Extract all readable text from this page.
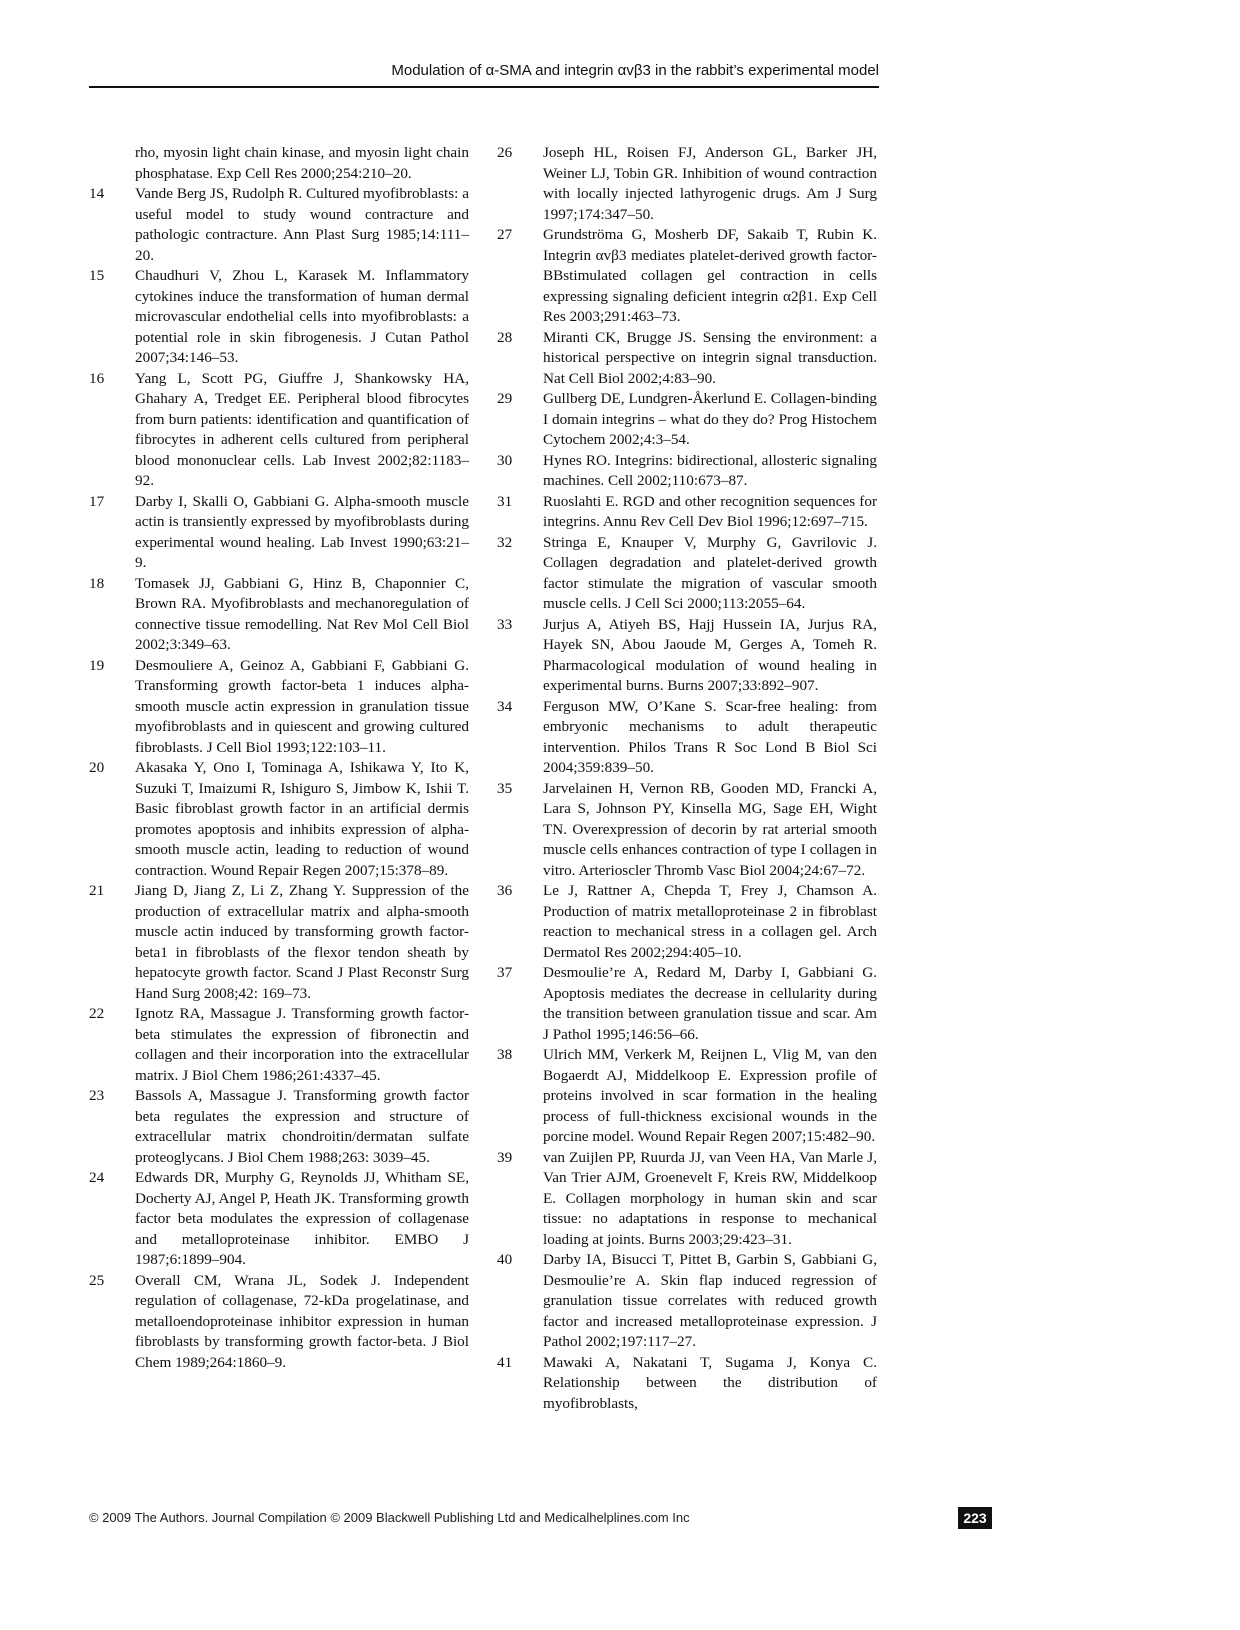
Modulation of α-SMA and integrin αvβ3 in the rabbit’s experimental model
rho, myosin light chain kinase, and myosin light chain phosphatase. Exp Cell Res 2000;254:210–20.
14	Vande Berg JS, Rudolph R. Cultured myofibroblasts: a useful model to study wound contracture and pathologic contracture. Ann Plast Surg 1985;14:111–20.
15	Chaudhuri V, Zhou L, Karasek M. Inflammatory cytokines induce the transformation of human dermal microvascular endothelial cells into myofibroblasts: a potential role in skin fibrogenesis. J Cutan Pathol 2007;34:146–53.
16	Yang L, Scott PG, Giuffre J, Shankowsky HA, Ghahary A, Tredget EE. Peripheral blood fibrocytes from burn patients: identification and quantification of fibrocytes in adherent cells cultured from peripheral blood mononuclear cells. Lab Invest 2002;82:1183–92.
17	Darby I, Skalli O, Gabbiani G. Alpha-smooth muscle actin is transiently expressed by myofibroblasts during experimental wound healing. Lab Invest 1990;63:21–9.
18	Tomasek JJ, Gabbiani G, Hinz B, Chaponnier C, Brown RA. Myofibroblasts and mechanoregulation of connective tissue remodelling. Nat Rev Mol Cell Biol 2002;3:349–63.
19	Desmouliere A, Geinoz A, Gabbiani F, Gabbiani G. Transforming growth factor-beta 1 induces alpha-smooth muscle actin expression in granulation tissue myofibroblasts and in quiescent and growing cultured fibroblasts. J Cell Biol 1993;122:103–11.
20	Akasaka Y, Ono I, Tominaga A, Ishikawa Y, Ito K, Suzuki T, Imaizumi R, Ishiguro S, Jimbow K, Ishii T. Basic fibroblast growth factor in an artificial dermis promotes apoptosis and inhibits expression of alpha-smooth muscle actin, leading to reduction of wound contraction. Wound Repair Regen 2007;15:378–89.
21	Jiang D, Jiang Z, Li Z, Zhang Y. Suppression of the production of extracellular matrix and alpha-smooth muscle actin induced by transforming growth factor-beta1 in fibroblasts of the flexor tendon sheath by hepatocyte growth factor. Scand J Plast Reconstr Surg Hand Surg 2008;42: 169–73.
22	Ignotz RA, Massague J. Transforming growth factor-beta stimulates the expression of fibronectin and collagen and their incorporation into the extracellular matrix. J Biol Chem 1986;261:4337–45.
23	Bassols A, Massague J. Transforming growth factor beta regulates the expression and structure of extracellular matrix chondroitin/dermatan sulfate proteoglycans. J Biol Chem 1988;263: 3039–45.
24	Edwards DR, Murphy G, Reynolds JJ, Whitham SE, Docherty AJ, Angel P, Heath JK. Transforming growth factor beta modulates the expression of collagenase and metalloproteinase inhibitor. EMBO J 1987;6:1899–904.
25	Overall CM, Wrana JL, Sodek J. Independent regulation of collagenase, 72-kDa progelatinase, and metalloendoproteinase inhibitor expression in human fibroblasts by transforming growth factor-beta. J Biol Chem 1989;264:1860–9.
26	Joseph HL, Roisen FJ, Anderson GL, Barker JH, Weiner LJ, Tobin GR. Inhibition of wound contraction with locally injected lathyrogenic drugs. Am J Surg 1997;174:347–50.
27	Grundströma G, Mosherb DF, Sakaib T, Rubin K. Integrin αvβ3 mediates platelet-derived growth factor-BBstimulated collagen gel contraction in cells expressing signaling deficient integrin α2β1. Exp Cell Res 2003;291:463–73.
28	Miranti CK, Brugge JS. Sensing the environment: a historical perspective on integrin signal transduction. Nat Cell Biol 2002;4:83–90.
29	Gullberg DE, Lundgren-Åkerlund E. Collagen-binding I domain integrins – what do they do? Prog Histochem Cytochem 2002;4:3–54.
30	Hynes RO. Integrins: bidirectional, allosteric signaling machines. Cell 2002;110:673–87.
31	Ruoslahti E. RGD and other recognition sequences for integrins. Annu Rev Cell Dev Biol 1996;12:697–715.
32	Stringa E, Knauper V, Murphy G, Gavrilovic J. Collagen degradation and platelet-derived growth factor stimulate the migration of vascular smooth muscle cells. J Cell Sci 2000;113:2055–64.
33	Jurjus A, Atiyeh BS, Hajj Hussein IA, Jurjus RA, Hayek SN, Abou Jaoude M, Gerges A, Tomeh R. Pharmacological modulation of wound healing in experimental burns. Burns 2007;33:892–907.
34	Ferguson MW, O’Kane S. Scar-free healing: from embryonic mechanisms to adult therapeutic intervention. Philos Trans R Soc Lond B Biol Sci 2004;359:839–50.
35	Jarvelainen H, Vernon RB, Gooden MD, Francki A, Lara S, Johnson PY, Kinsella MG, Sage EH, Wight TN. Overexpression of decorin by rat arterial smooth muscle cells enhances contraction of type I collagen in vitro. Arterioscler Thromb Vasc Biol 2004;24:67–72.
36	Le J, Rattner A, Chepda T, Frey J, Chamson A. Production of matrix metalloproteinase 2 in fibroblast reaction to mechanical stress in a collagen gel. Arch Dermatol Res 2002;294:405–10.
37	Desmoulie’re A, Redard M, Darby I, Gabbiani G. Apoptosis mediates the decrease in cellularity during the transition between granulation tissue and scar. Am J Pathol 1995;146:56–66.
38	Ulrich MM, Verkerk M, Reijnen L, Vlig M, van den Bogaerdt AJ, Middelkoop E. Expression profile of proteins involved in scar formation in the healing process of full-thickness excisional wounds in the porcine model. Wound Repair Regen 2007;15:482–90.
39	van Zuijlen PP, Ruurda JJ, van Veen HA, Van Marle J, Van Trier AJM, Groenevelt F, Kreis RW, Middelkoop E. Collagen morphology in human skin and scar tissue: no adaptations in response to mechanical loading at joints. Burns 2003;29:423–31.
40	Darby IA, Bisucci T, Pittet B, Garbin S, Gabbiani G, Desmoulie’re A. Skin flap induced regression of granulation tissue correlates with reduced growth factor and increased metalloproteinase expression. J Pathol 2002;197:117–27.
41	Mawaki A, Nakatani T, Sugama J, Konya C. Relationship between the distribution of myofibroblasts,
© 2009 The Authors. Journal Compilation © 2009 Blackwell Publishing Ltd and Medicalhelplines.com Inc	223
